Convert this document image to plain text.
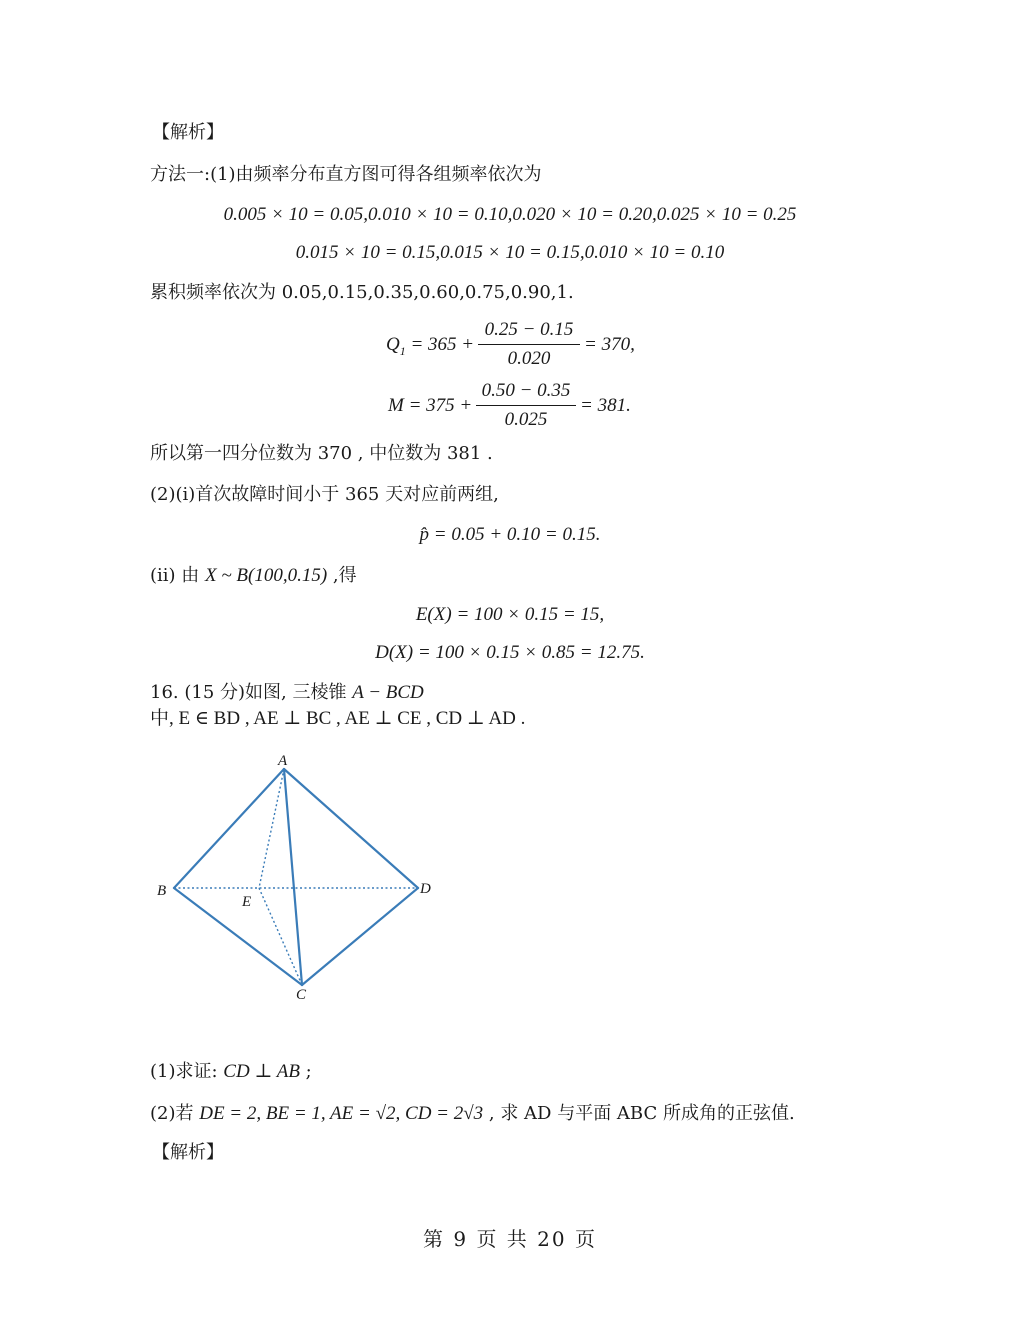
【解析】
方法一:(1)由频率分布直方图可得各组频率依次为
0.005 × 10 = 0.05,0.010 × 10 = 0.10,0.020 × 10 = 0.20,0.025 × 10 = 0.25
0.015 × 10 = 0.15,0.015 × 10 = 0.15,0.010 × 10 = 0.10
累积频率依次为 0.05,0.15,0.35,0.60,0.75,0.90,1.
$Q_1 = 365$ +
0.25 − 0.15
0.020
= 370,
M = 375 +
0.50 − 0.35
0.025
= 381.
所以第一四分位数为 370 , 中位数为 381 .
(2)(i)首次故障时间小于 365 天对应前两组,
p̂ = 0.05 + 0.10 = 0.15.
(ii) 由 X ~ B(100,0.15) ,得
E(X) = 100 × 0.15 = 15,
D(X) = 100 × 0.15 × 0.85 = 12.75.
16. (15 分)如图, 三棱锥 A − BCD
中, E ∈ BD , AE ⊥ BC , AE ⊥ CE , CD ⊥ AD .
A
B	D
E
C
(1)求证: CD ⊥ AB ;
(2)若 DE = 2, BE = 1, AE = √2, CD = 2√3 , 求 AD 与平面 ABC 所成角的正弦值.
【解析】
第 9 页 共 20 页
